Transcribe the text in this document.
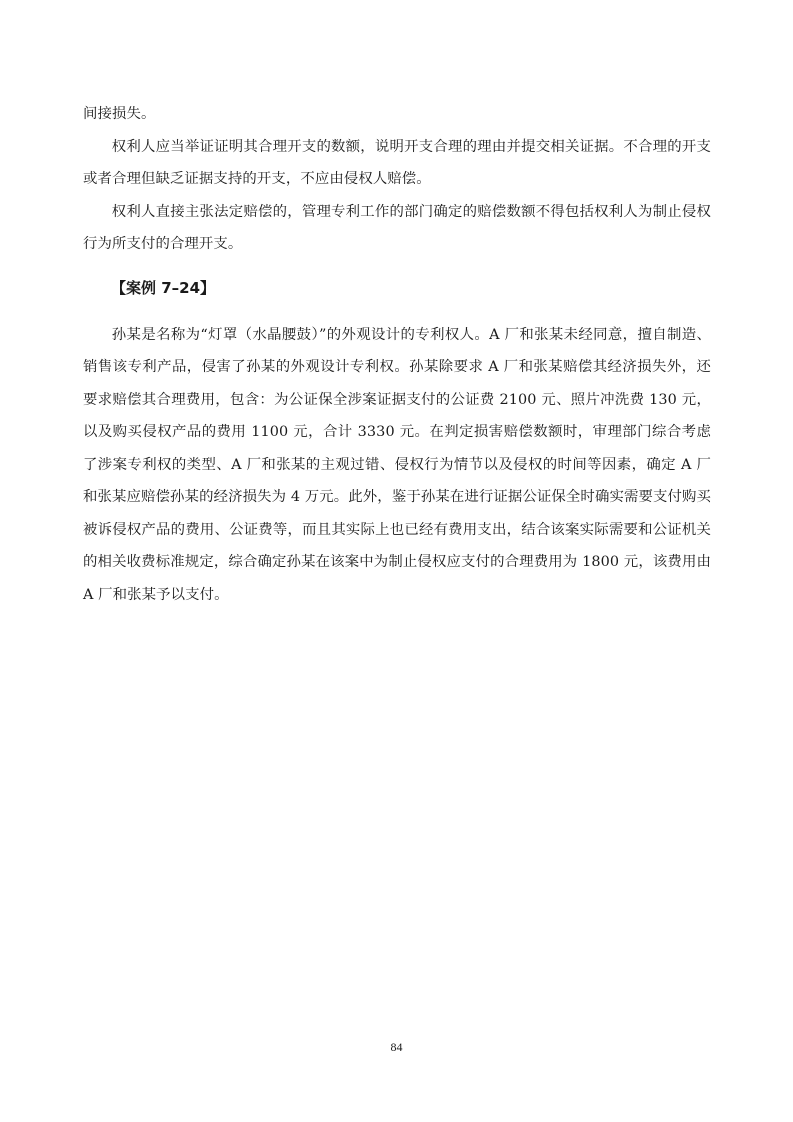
间接损失。

权利人应当举证证明其合理开支的数额，说明开支合理的理由并提交相关证据。不合理的开支或者合理但缺乏证据支持的开支，不应由侵权人赔偿。

权利人直接主张法定赔偿的，管理专利工作的部门确定的赔偿数额不得包括权利人为制止侵权行为所支付的合理开支。

【案例 7–24】

孙某是名称为“灯罩（水晶腰鼓）”的外观设计的专利权人。A 厂和张某未经同意，擅自制造、销售该专利产品，侵害了孙某的外观设计专利权。孙某除要求 A 厂和张某赔偿其经济损失外，还要求赔偿其合理费用，包含：为公证保全涉案证据支付的公证费 2100 元、照片冲洗费 130 元，以及购买侵权产品的费用 1100 元，合计 3330 元。在判定损害赔偿数额时，审理部门综合考虑了涉案专利权的类型、A 厂和张某的主观过错、侵权行为情节以及侵权的时间等因素，确定 A 厂和张某应赔偿孙某的经济损失为 4 万元。此外，鉴于孙某在进行证据公证保全时确实需要支付购买被诉侵权产品的费用、公证费等，而且其实际上也已经有费用支出，结合该案实际需要和公证机关的相关收费标准规定，综合确定孙某在该案中为制止侵权应支付的合理费用为 1800 元，该费用由 A 厂和张某予以支付。

84
